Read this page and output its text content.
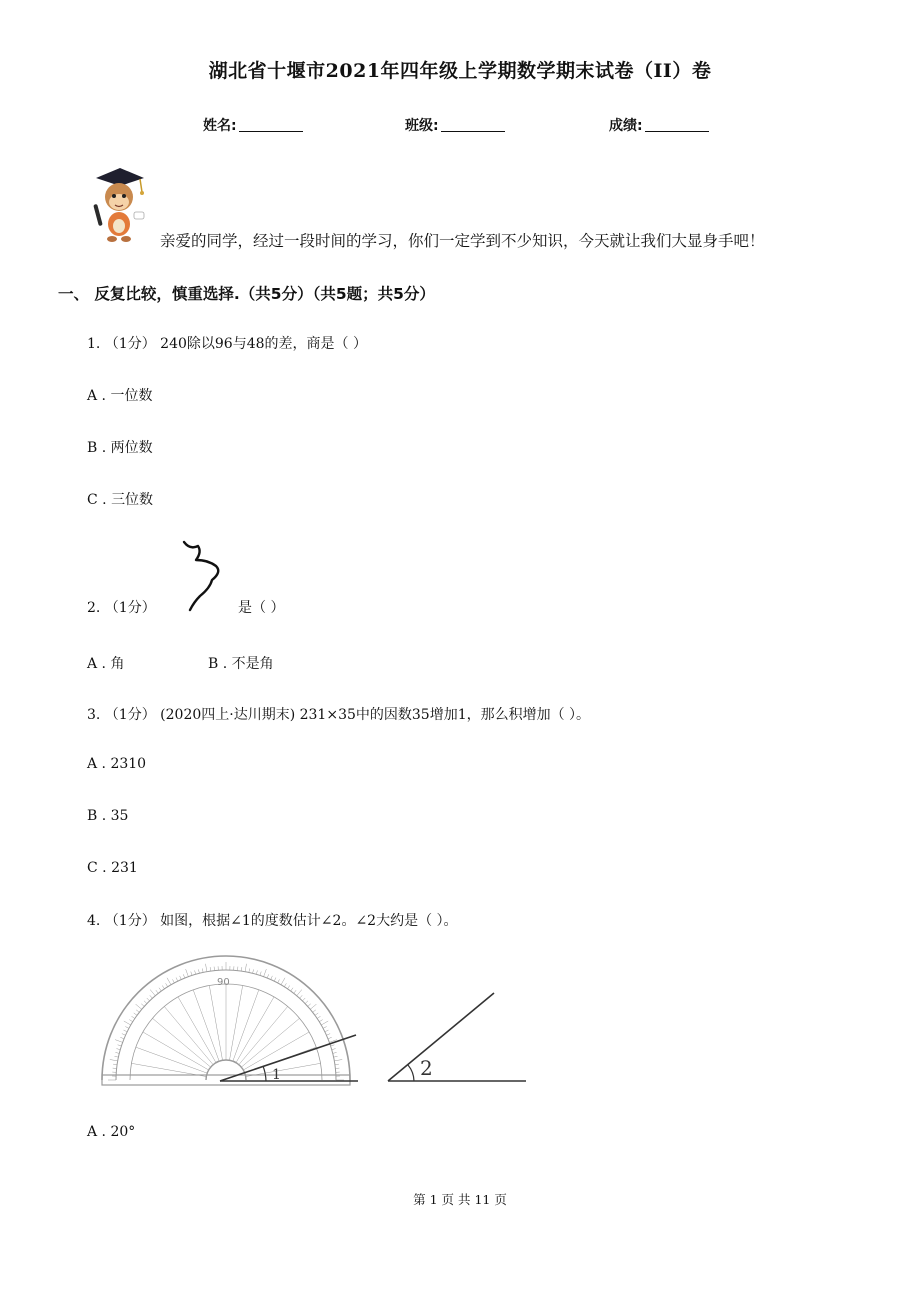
湖北省十堰市2021年四年级上学期数学期末试卷（II）卷
姓名:	班级:	成绩:
亲爱的同学，经过一段时间的学习，你们一定学到不少知识，今天就让我们大显身手吧！
一、 反复比较，慎重选择.（共5分）（共5题；共5分）
1. （1分） 240除以96与48的差，商是（ ）
A . 一位数
B . 两位数
C . 三位数
2. （1分）	是（ ）
A . 角	B . 不是角
3. （1分） (2020四上·达川期末) 231×35中的因数35增加1，那么积增加（ ）。
A . 2310
B . 35
C . 231
4. （1分） 如图，根据∠1的度数估计∠2。∠2大约是（ ）。
90
1	2
A . 20°
第 1 页 共 11 页
